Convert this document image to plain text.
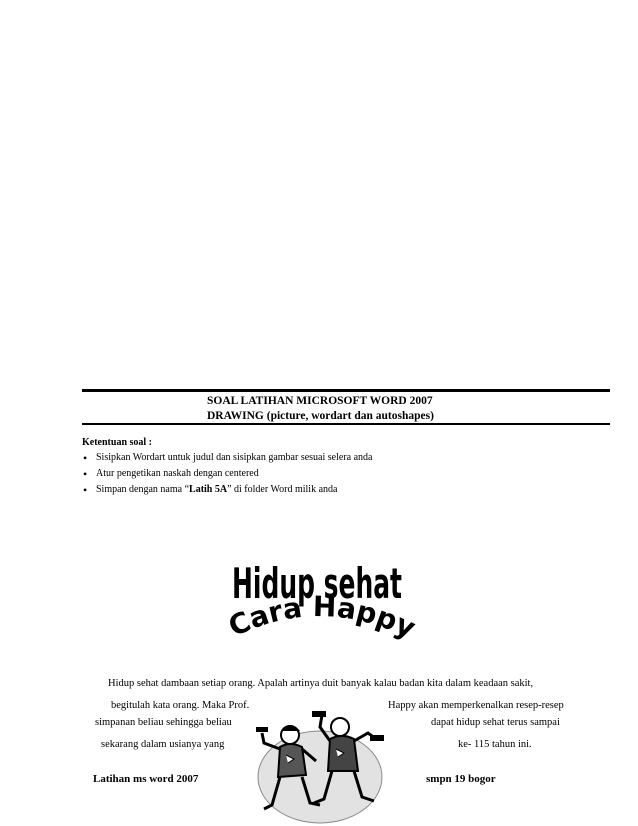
SOAL LATIHAN MICROSOFT WORD 2007
DRAWING (picture, wordart dan autoshapes)
Ketentuan soal :
• Sisipkan Wordart untuk judul dan sisipkan gambar sesuai selera anda
• Atur pengetikan naskah dengan centered
• Simpan dengan nama “Latih 5A” di folder Word milik anda
Hidup sehat
Cara Happy
Hidup sehat dambaan setiap orang. Apalah artinya duit banyak kalau badan kita dalam keadaan sakit,
begitulah kata orang. Maka Prof.	Happy akan memperkenalkan resep-resep
simpanan beliau sehingga beliau	dapat hidup sehat terus sampai
sekarang dalam usianya yang	ke- 115 tahun ini.
Latihan ms word 2007	smpn 19 bogor
